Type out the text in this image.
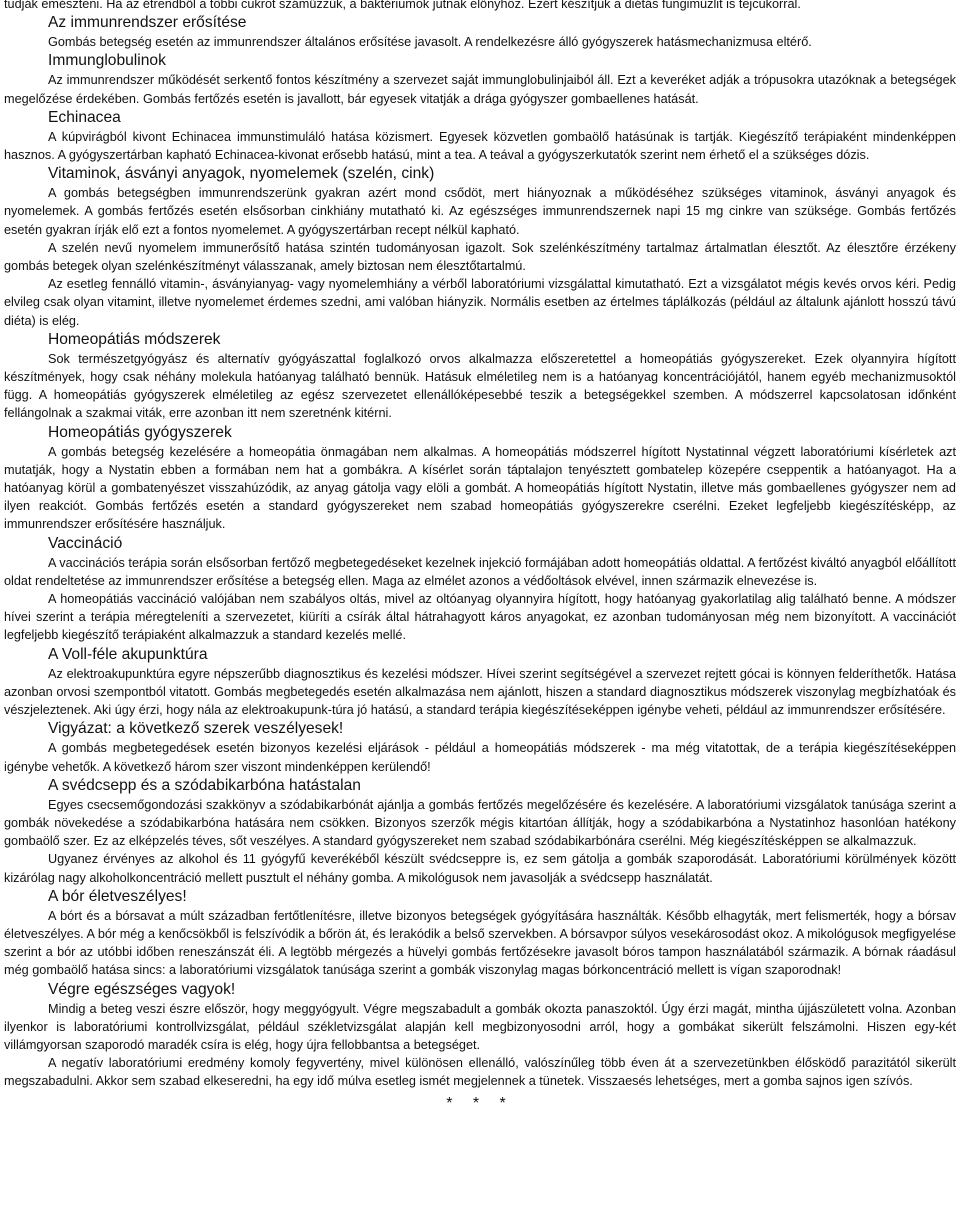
tudják emészteni. Ha az étrendből a többi cukrot száműzzük, a baktériumok jutnak előnyhöz. Ezért készítjük a diétás fungimüzlit is tejcukorral.

Az immunrendszer erősítése

Gombás betegség esetén az immunrendszer általános erősítése javasolt. A rendelkezésre álló gyógyszerek hatásmechanizmusa eltérő.

Immunglobulinok

Az immunrendszer működését serkentő fontos készítmény a szervezet saját immunglobulinjaiból áll. Ezt a keveréket adják a trópusokra utazóknak a betegségek megelőzése érdekében. Gombás fertőzés esetén is javallott, bár egyesek vitatják a drága gyógyszer gombaellenes hatását.

Echinacea

A kúpvirágból kivont Echinacea immunstimuláló hatása közismert. Egyesek közvetlen gombaölő hatásúnak is tartják. Kiegészítő terápiaként mindenképpen hasznos. A gyógyszertárban kapható Echinacea-kivonat erősebb hatású, mint a tea. A teával a gyógyszerkutatók szerint nem érhető el a szükséges dózis.

Vitaminok, ásványi anyagok, nyomelemek (szelén, cink)

A gombás betegségben immunrendszerünk gyakran azért mond csődöt, mert hiányoznak a működéséhez szükséges vitaminok, ásványi anyagok és nyomelemek. A gombás fertőzés esetén elsősorban cinkhiány mutatható ki. Az egészséges immunrendszernek napi 15 mg cinkre van szüksége. Gombás fertőzés esetén gyakran írják elő ezt a fontos nyomelemet. A gyógyszertárban recept nélkül kapható.

A szelén nevű nyomelem immunerősítő hatása szintén tudományosan igazolt. Sok szelénkészítmény tartalmaz ártalmatlan élesztőt. Az élesztőre érzékeny gombás betegek olyan szelénkészítményt válasszanak, amely biztosan nem élesztőtartalmú.

Az esetleg fennálló vitamin-, ásványianyag- vagy nyomelemhiány a vérből laboratóriumi vizsgálattal kimutatható. Ezt a vizsgálatot mégis kevés orvos kéri. Pedig elvileg csak olyan vitamint, illetve nyomelemet érdemes szedni, ami valóban hiányzik. Normális esetben az értelmes táplálkozás (például az általunk ajánlott hosszú távú diéta) is elég.

Homeopátiás módszerek

Sok természetgyógyász és alternatív gyógyászattal foglalkozó orvos alkalmazza előszeretettel a homeopátiás gyógyszereket. Ezek olyannyira hígított készítmények, hogy csak néhány molekula hatóanyag található bennük. Hatásuk elméletileg nem is a hatóanyag koncentrációjától, hanem egyéb mechanizmusoktól függ. A homeopátiás gyógyszerek elméletileg az egész szervezetet ellenállóképesebbé teszik a betegségekkel szemben. A módszerrel kapcsolatosan időnként fellángolnak a szakmai viták, erre azonban itt nem szeretnénk kitérni.

Homeopátiás gyógyszerek

A gombás betegség kezelésére a homeopátia önmagában nem alkalmas. A homeopátiás módszerrel hígított Nystatinnal végzett laboratóriumi kísérletek azt mutatják, hogy a Nystatin ebben a formában nem hat a gombákra. A kísérlet során táptalajon tenyésztett gombatelep közepére cseppentik a hatóanyagot. Ha a hatóanyag körül a gombatenyészet visszahúzódik, az anyag gátolja vagy elöli a gombát. A homeopátiás hígított Nystatin, illetve más gombaellenes gyógyszer nem ad ilyen reakciót. Gombás fertőzés esetén a standard gyógyszereket nem szabad homeopátiás gyógyszerekre cserélni. Ezeket legfeljebb kiegészítésképp, az immunrendszer erősítésére használjuk.

Vaccináció

A vaccinációs terápia során elsősorban fertőző megbetegedéseket kezelnek injekció formájában adott homeopátiás oldattal. A fertőzést kiváltó anyagból előállított oldat rendeltetése az immunrendszer erősítése a betegség ellen. Maga az elmélet azonos a védőoltások elvével, innen származik elnevezése is.

A homeopátiás vaccináció valójában nem szabályos oltás, mivel az oltóanyag olyannyira hígított, hogy hatóanyag gyakorlatilag alig található benne. A módszer hívei szerint a terápia méregteleníti a szervezetet, kiüríti a csírák által hátrahagyott káros anyagokat, ez azonban tudományosan még nem bizonyított. A vaccinációt legfeljebb kiegészítő terápiaként alkalmazzuk a standard kezelés mellé.

A Voll-féle akupunktúra

Az elektroakupunktúra egyre népszerűbb diagnosztikus és kezelési módszer. Hívei szerint segítségével a szervezet rejtett gócai is könnyen felderíthetők. Hatása azonban orvosi szempontból vitatott. Gombás megbetegedés esetén alkalmazása nem ajánlott, hiszen a standard diagnosztikus módszerek viszonylag megbízhatóak és vészjeleztenek. Aki úgy érzi, hogy nála az elektroakupunk-túra jó hatású, a standard terápia kiegészítéseképpen igénybe veheti, például az immunrendszer erősítésére.

Vigyázat: a következő szerek veszélyesek!

A gombás megbetegedések esetén bizonyos kezelési eljárások - például a homeopátiás módszerek - ma még vitatottak, de a terápia kiegészítéseképpen igénybe vehetők. A következő három szer viszont mindenképpen kerülendő!

A svédcsepp és a szódabikarbóna hatástalan

Egyes csecsemőgondozási szakkönyv a szódabikarbónát ajánlja a gombás fertőzés megelőzésére és kezelésére. A laboratóriumi vizsgálatok tanúsága szerint a gombák növekedése a szódabikarbóna hatására nem csökken. Bizonyos szerzők mégis kitartóan állítják, hogy a szódabikarbóna a Nystatinhoz hasonlóan hatékony gombaölő szer. Ez az elképzelés téves, sőt veszélyes. A standard gyógyszereket nem szabad szódabikarbónára cserélni. Még kiegészítésképpen se alkalmazzuk.

Ugyanez érvényes az alkohol és 11 gyógyfű keverékéből készült svédcseppre is, ez sem gátolja a gombák szaporodását. Laboratóriumi körülmények között kizárólag nagy alkoholkoncentráció mellett pusztult el néhány gomba. A mikológusok nem javasolják a svédcsepp használatát.

A bór életveszélyes!

A bórt és a bórsavat a múlt században fertőtlenítésre, illetve bizonyos betegségek gyógyítására használták. Később elhagyták, mert felismerték, hogy a bórsav életveszélyes. A bór még a kenőcsökből is felszívódik a bőrön át, és lerakódik a belső szervekben. A bórsavpor súlyos vesekárosodást okoz. A mikológusok megfigyelése szerint a bór az utóbbi időben reneszánszát éli. A legtöbb mérgezés a hüvelyi gombás fertőzésekre javasolt bóros tampon használatából származik. A bórnak ráadásul még gombaölő hatása sincs: a laboratóriumi vizsgálatok tanúsága szerint a gombák viszonylag magas bórkoncentráció mellett is vígan szaporodnak!

Végre egészséges vagyok!

Mindig a beteg veszi észre először, hogy meggyógyult. Végre megszabadult a gombák okozta panaszoktól. Úgy érzi magát, mintha újjászületett volna. Azonban ilyenkor is laboratóriumi kontrollvizsgálat, például székletvizsgálat alapján kell megbizonyosodni arról, hogy a gombákat sikerült felszámolni. Hiszen egy-két villámgyorsan szaporodó maradék csíra is elég, hogy újra fellobbantsa a betegséget.

A negatív laboratóriumi eredmény komoly fegyvertény, mivel különösen ellenálló, valószínűleg több éven át a szervezetünkben élősködő parazitától sikerült megszabadulni. Akkor sem szabad elkeseredni, ha egy idő múlva esetleg ismét megjelennek a tünetek. Visszaesés lehetséges, mert a gomba sajnos igen szívós.

* * *
